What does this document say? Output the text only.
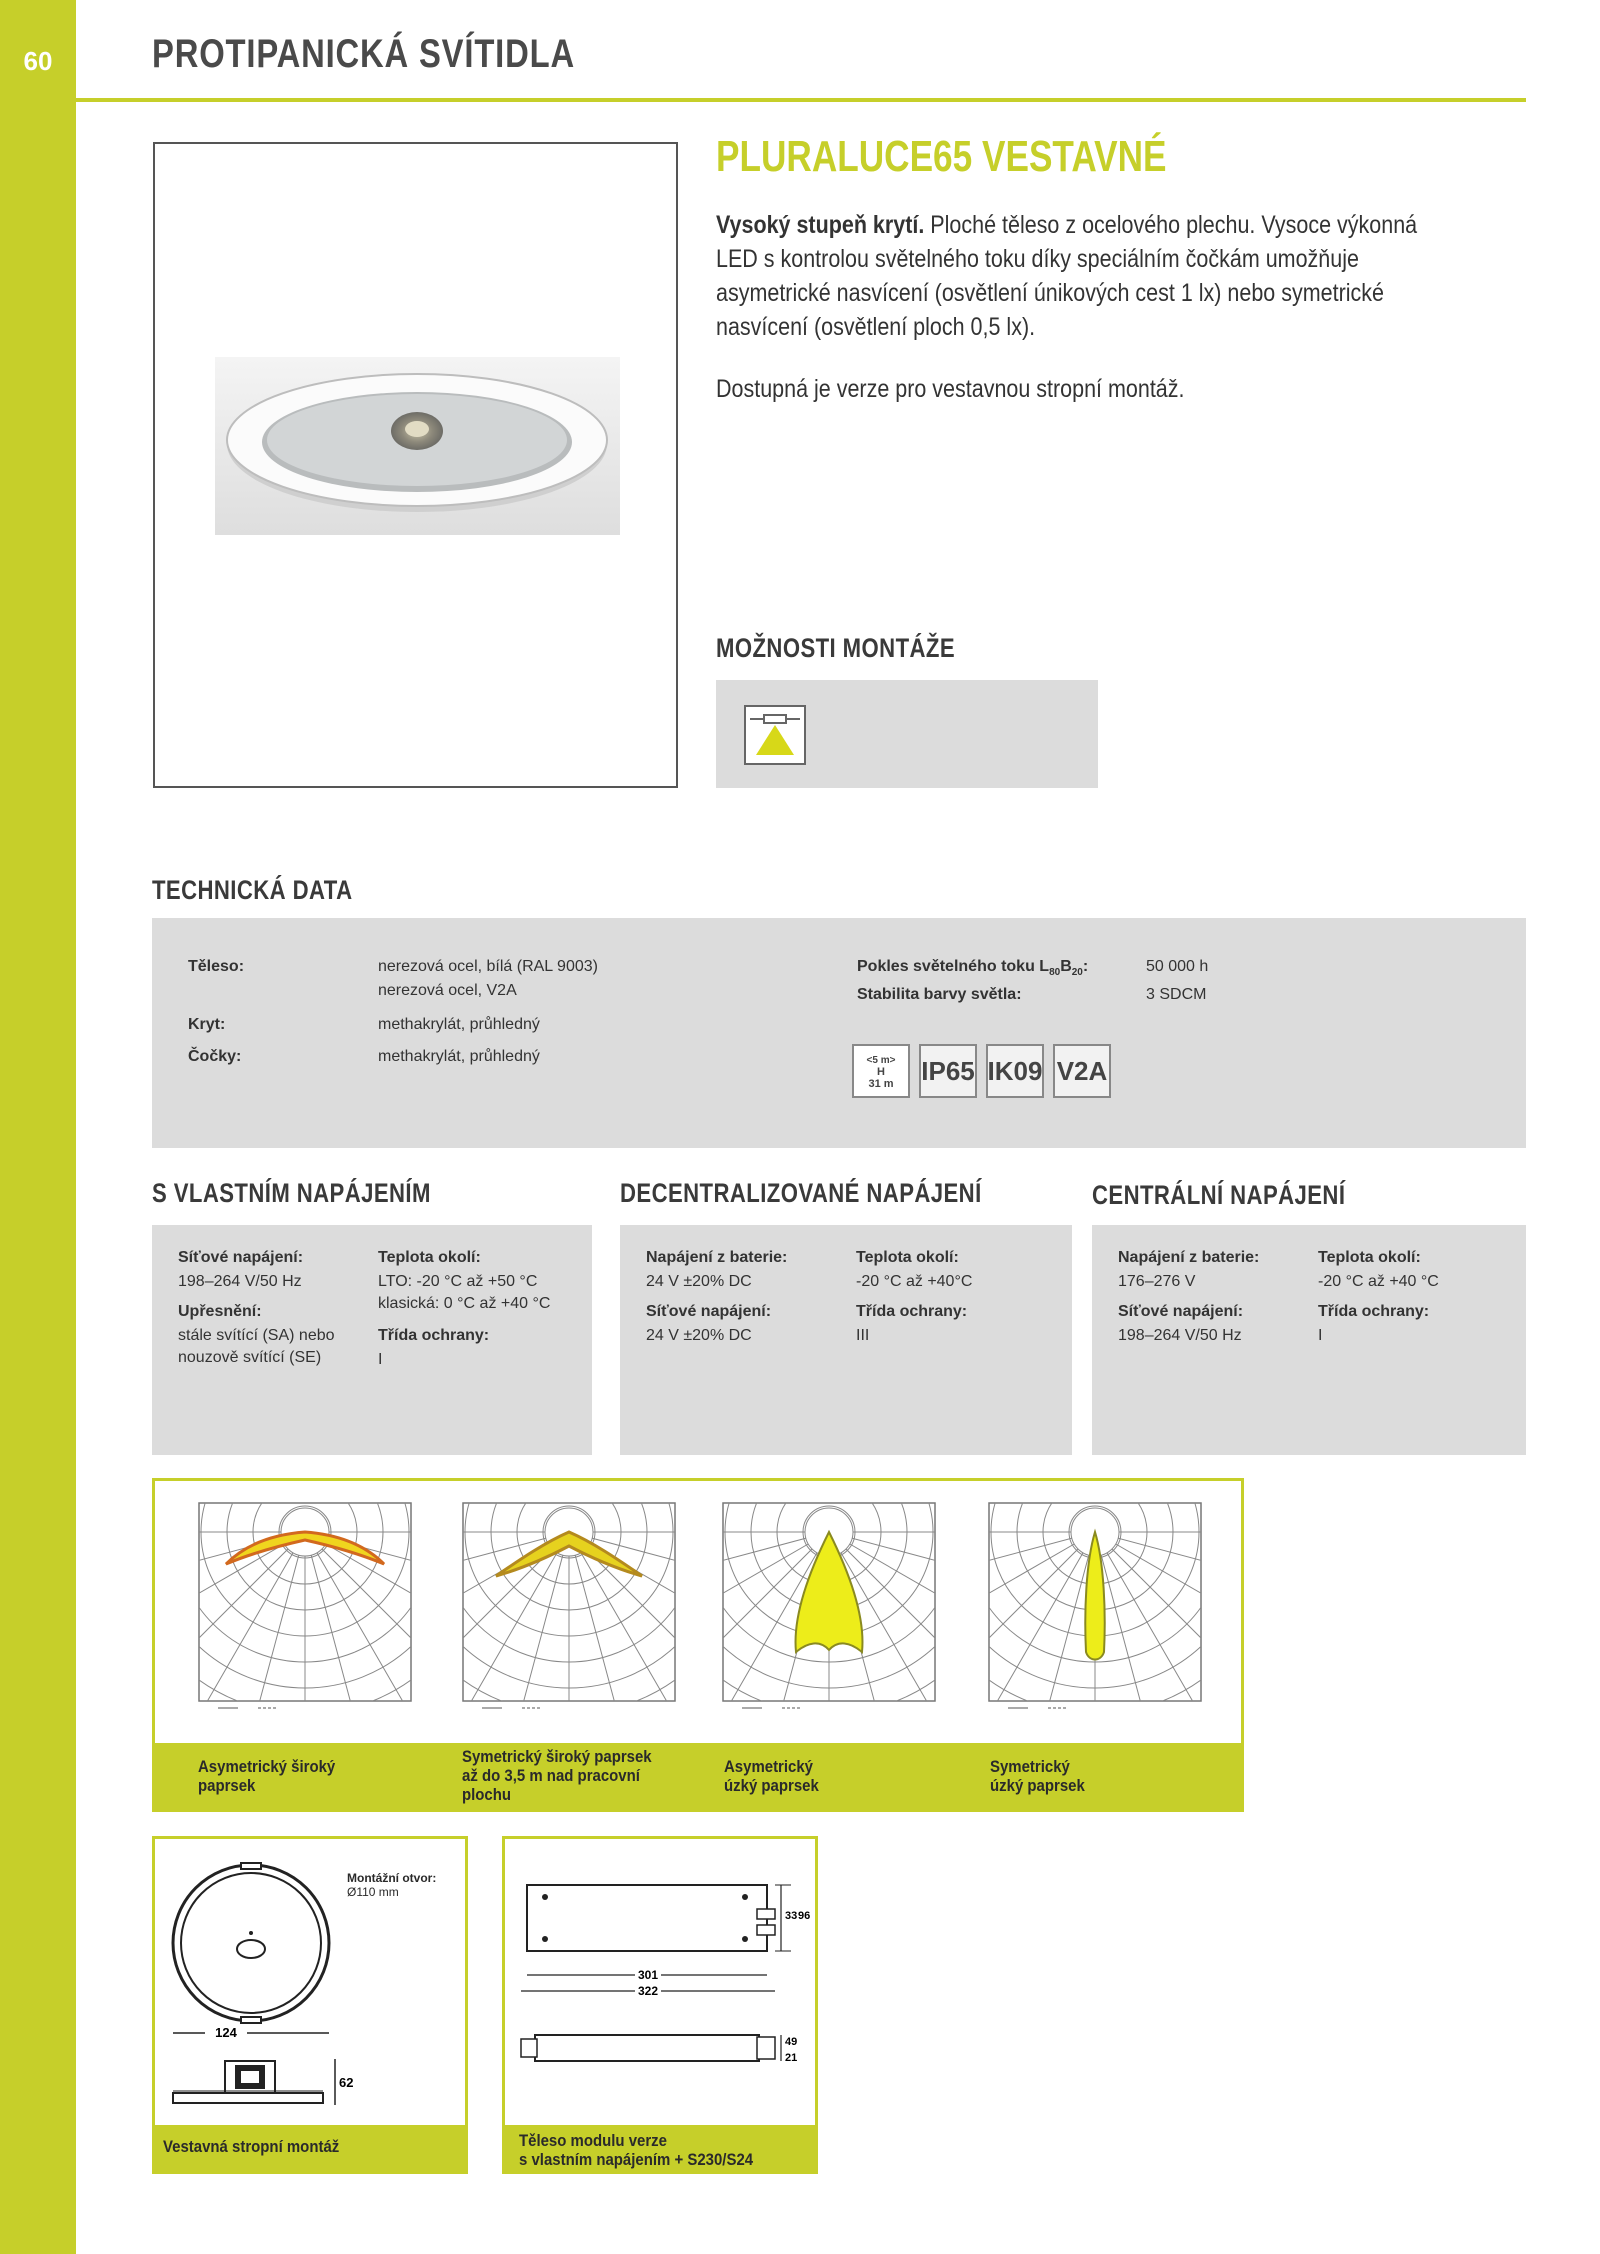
60	PROTIPANICKÁ SVÍTIDLA
PLURALUCE65 VESTAVNÉ
Vysoký stupeň krytí. Ploché těleso z ocelového plechu. Vysoce výkonná LED s kontrolou světelného toku díky speciálním čočkám umožňuje asymetrické nasvícení (osvětlení únikových cest 1 lx) nebo symetrické nasvícení (osvětlení ploch 0,5 lx).
Dostupná je verze pro vestavnou stropní montáž.
MOŽNOSTI MONTÁŽE
TECHNICKÁ DATA
Těleso:	nerezová ocel, bílá (RAL 9003)
nerezová ocel, V2A
Kryt:	methakrylát, průhledný
Čočky:	methakrylát, průhledný
Pokles světelného toku $L_{80}B_{20}$:	50 000 h
Stabilita barvy světla:	3 SDCM
<5 m>
H
31 m IP65 IK09 V2A
S VLASTNÍM NAPÁJENÍM	DECENTRALIZOVANÉ NAPÁJENÍ	CENTRÁLNÍ NAPÁJENÍ
Síťové napájení:
198–264 V/50 Hz
Upřesnění:
stále svítící (SA) nebo nouzově svítící (SE)
Teplota okolí:
LTO: -20 °C až +50 °C
klasická: 0 °C až +40 °C
Třída ochrany:
I
Napájení z baterie:
24 V ±20% DC
Síťové napájení:
24 V ±20% DC
Teplota okolí:
-20 °C až +40°C
Třída ochrany:
III
Napájení z baterie:
176–276 V
Síťové napájení:
198–264 V/50 Hz
Teplota okolí:
-20 °C až +40 °C
Třída ochrany:
I
Asymetrický široký
paprsek
Symetrický široký paprsek
až do 3,5 m nad pracovní
plochu
Asymetrický
úzký paprsek
Symetrický
úzký paprsek
Vestavná stropní montáž
Montážní otvor:
Ø110 mm
124
62
Těleso modulu verze
s vlastním napájením + S230/S24
301
322
33 96
49
21
